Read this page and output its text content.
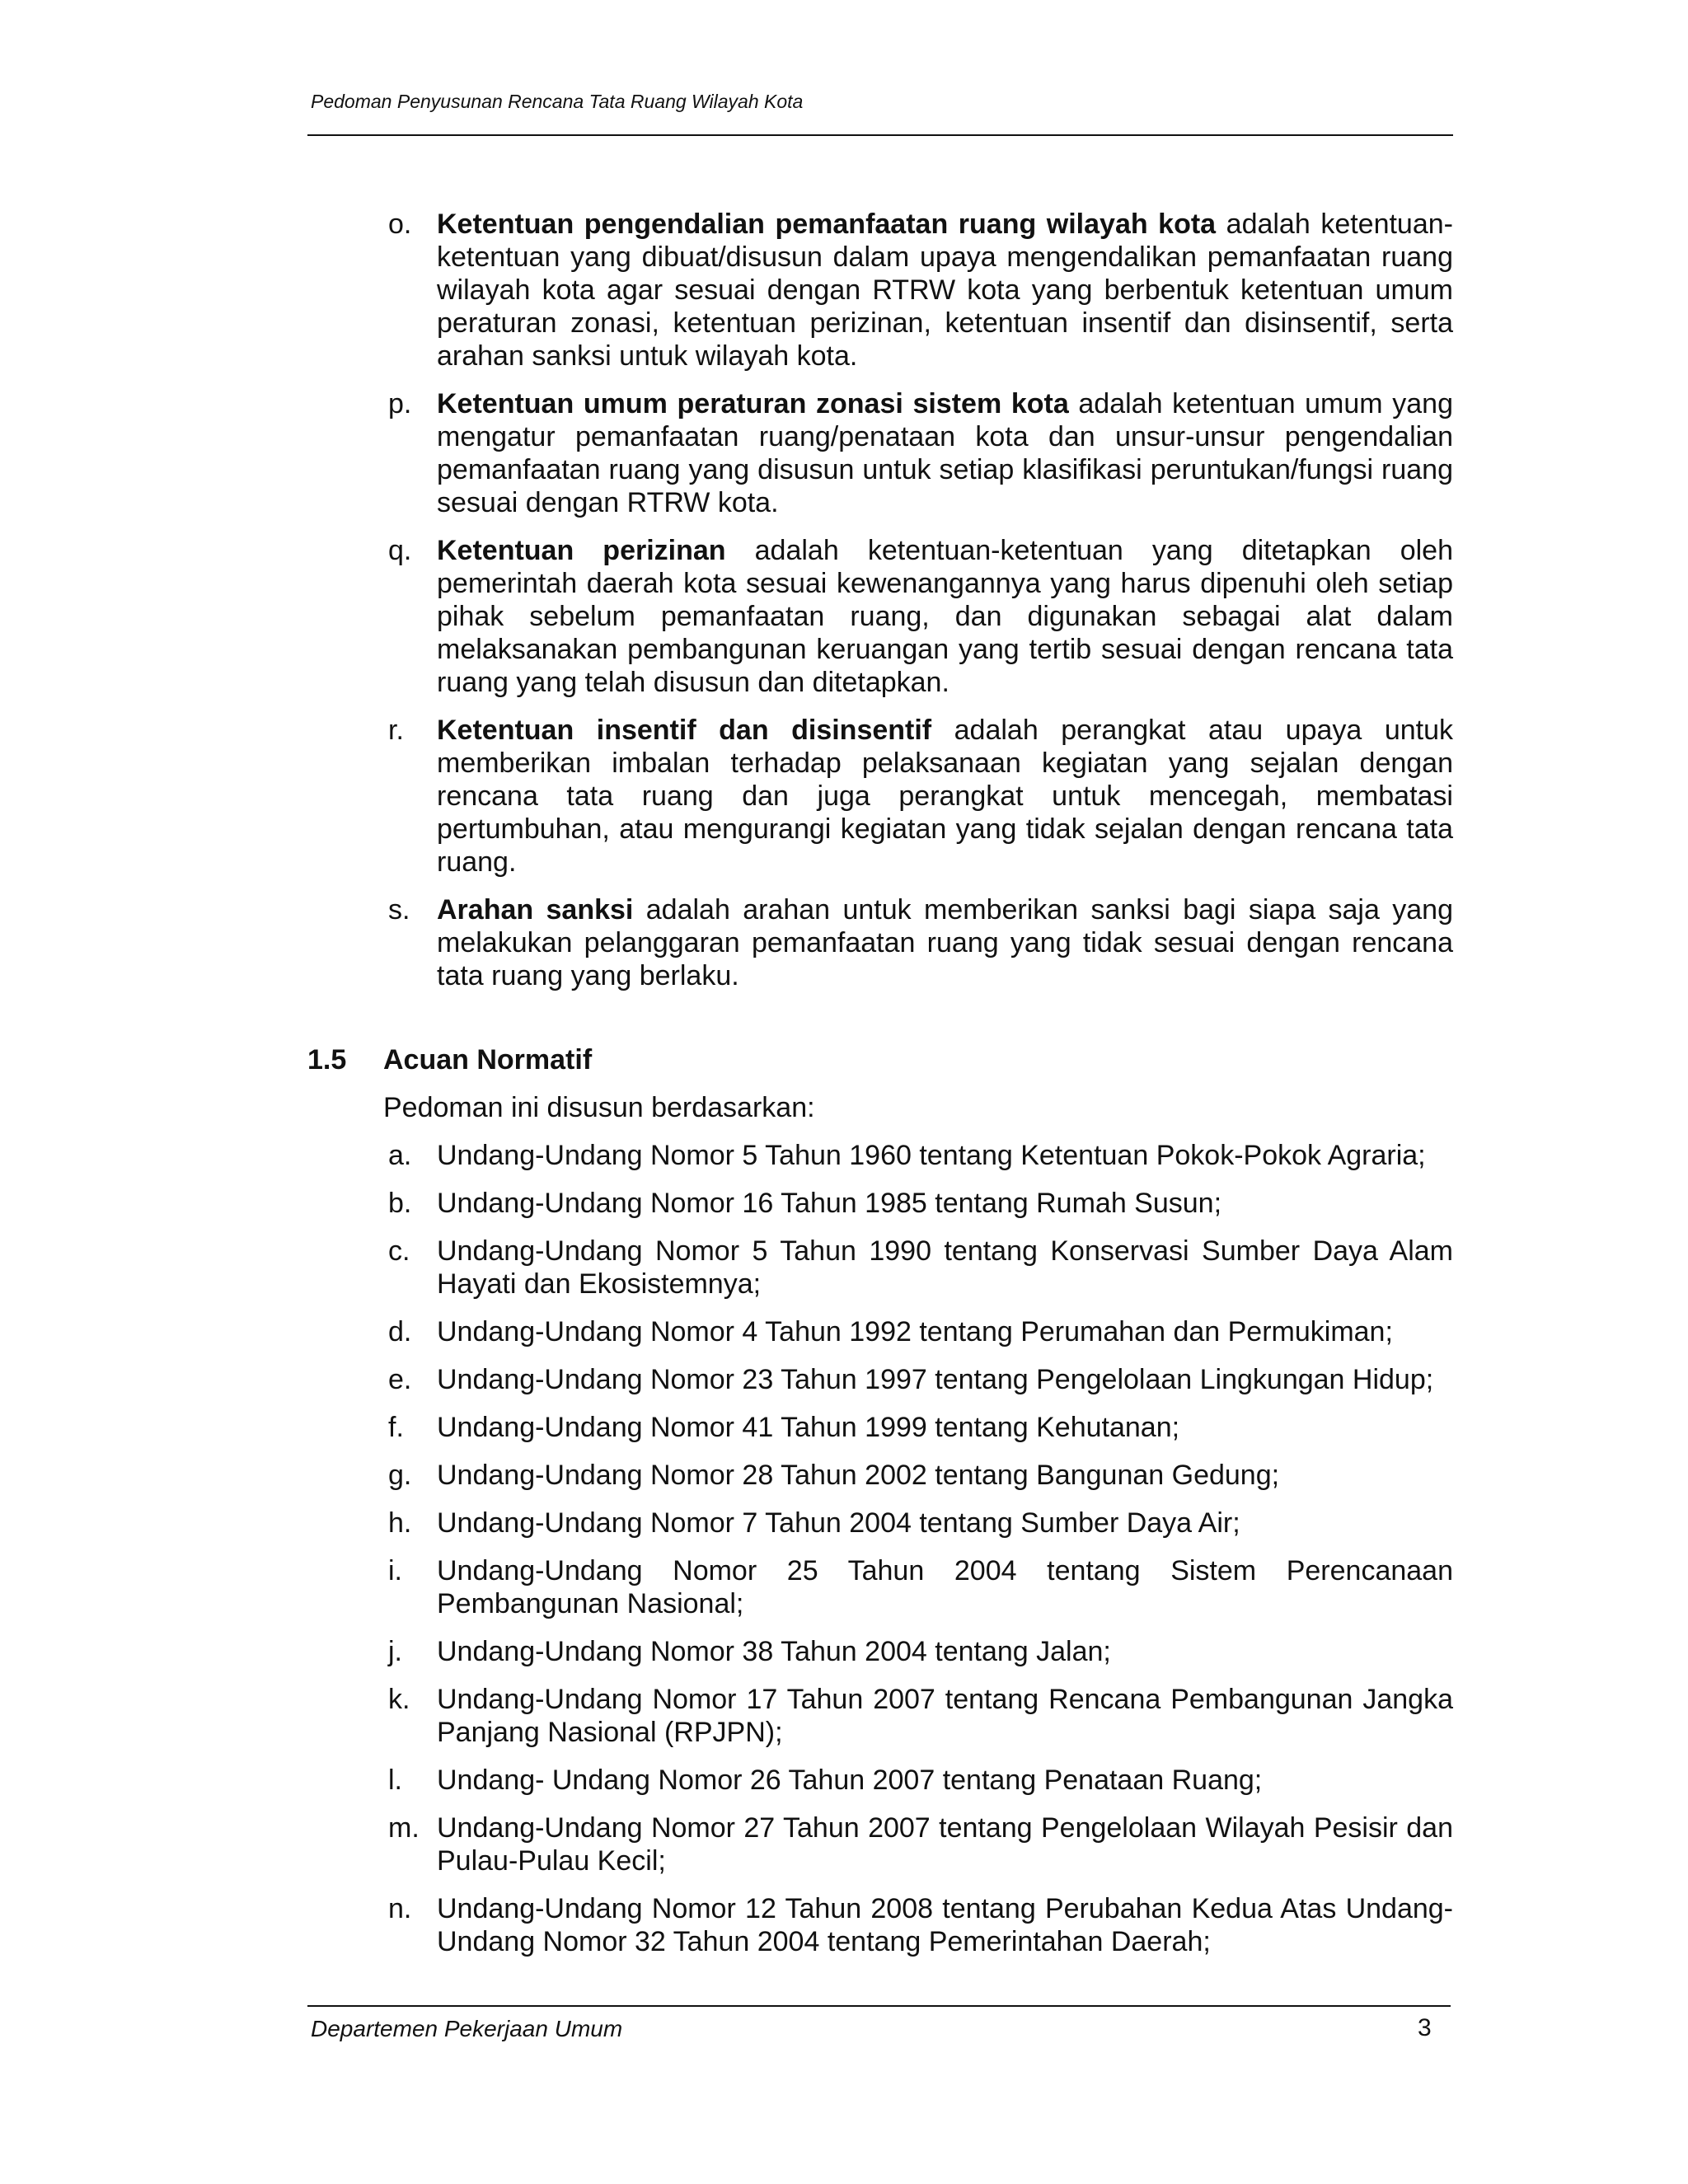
Pedoman Penyusunan Rencana Tata Ruang Wilayah Kota

o. Ketentuan pengendalian pemanfaatan ruang wilayah kota adalah ketentuan-ketentuan yang dibuat/disusun dalam upaya mengendalikan pemanfaatan ruang wilayah kota agar sesuai dengan RTRW kota yang berbentuk ketentuan umum peraturan zonasi, ketentuan perizinan, ketentuan insentif dan disinsentif, serta arahan sanksi untuk wilayah kota.

p. Ketentuan umum peraturan zonasi sistem kota adalah ketentuan umum yang mengatur pemanfaatan ruang/penataan kota dan unsur-unsur pengendalian pemanfaatan ruang yang disusun untuk setiap klasifikasi peruntukan/fungsi ruang sesuai dengan RTRW kota.

q. Ketentuan perizinan adalah ketentuan-ketentuan yang ditetapkan oleh pemerintah daerah kota sesuai kewenangannya yang harus dipenuhi oleh setiap pihak sebelum pemanfaatan ruang, dan digunakan sebagai alat dalam melaksanakan pembangunan keruangan yang tertib sesuai dengan rencana tata ruang yang telah disusun dan ditetapkan.

r. Ketentuan insentif dan disinsentif adalah perangkat atau upaya untuk memberikan imbalan terhadap pelaksanaan kegiatan yang sejalan dengan rencana tata ruang dan juga perangkat untuk mencegah, membatasi pertumbuhan, atau mengurangi kegiatan yang tidak sejalan dengan rencana tata ruang.

s. Arahan sanksi adalah arahan untuk memberikan sanksi bagi siapa saja yang melakukan pelanggaran pemanfaatan ruang yang tidak sesuai dengan rencana tata ruang yang berlaku.

1.5	Acuan Normatif

Pedoman ini disusun berdasarkan:

a. Undang-Undang Nomor 5 Tahun 1960 tentang Ketentuan Pokok-Pokok Agraria;

b. Undang-Undang Nomor 16 Tahun 1985 tentang Rumah Susun;

c. Undang-Undang Nomor 5 Tahun 1990 tentang Konservasi Sumber Daya Alam Hayati dan Ekosistemnya;

d. Undang-Undang Nomor 4 Tahun 1992 tentang Perumahan dan Permukiman;

e. Undang-Undang Nomor 23 Tahun 1997 tentang Pengelolaan Lingkungan Hidup;

f. Undang-Undang Nomor 41 Tahun 1999 tentang Kehutanan;

g. Undang-Undang Nomor 28 Tahun 2002 tentang Bangunan Gedung;

h. Undang-Undang Nomor 7 Tahun 2004 tentang Sumber Daya Air;

i. Undang-Undang Nomor 25 Tahun 2004 tentang Sistem Perencanaan Pembangunan Nasional;

j. Undang-Undang Nomor 38 Tahun 2004 tentang Jalan;

k. Undang-Undang Nomor 17 Tahun 2007 tentang Rencana Pembangunan Jangka Panjang Nasional (RPJPN);

l. Undang- Undang Nomor 26 Tahun 2007 tentang Penataan Ruang;

m. Undang-Undang Nomor 27 Tahun 2007 tentang Pengelolaan Wilayah Pesisir dan Pulau-Pulau Kecil;

n. Undang-Undang Nomor 12 Tahun 2008 tentang Perubahan Kedua Atas Undang-Undang Nomor 32 Tahun 2004 tentang Pemerintahan Daerah;

Departemen Pekerjaan Umum	3
